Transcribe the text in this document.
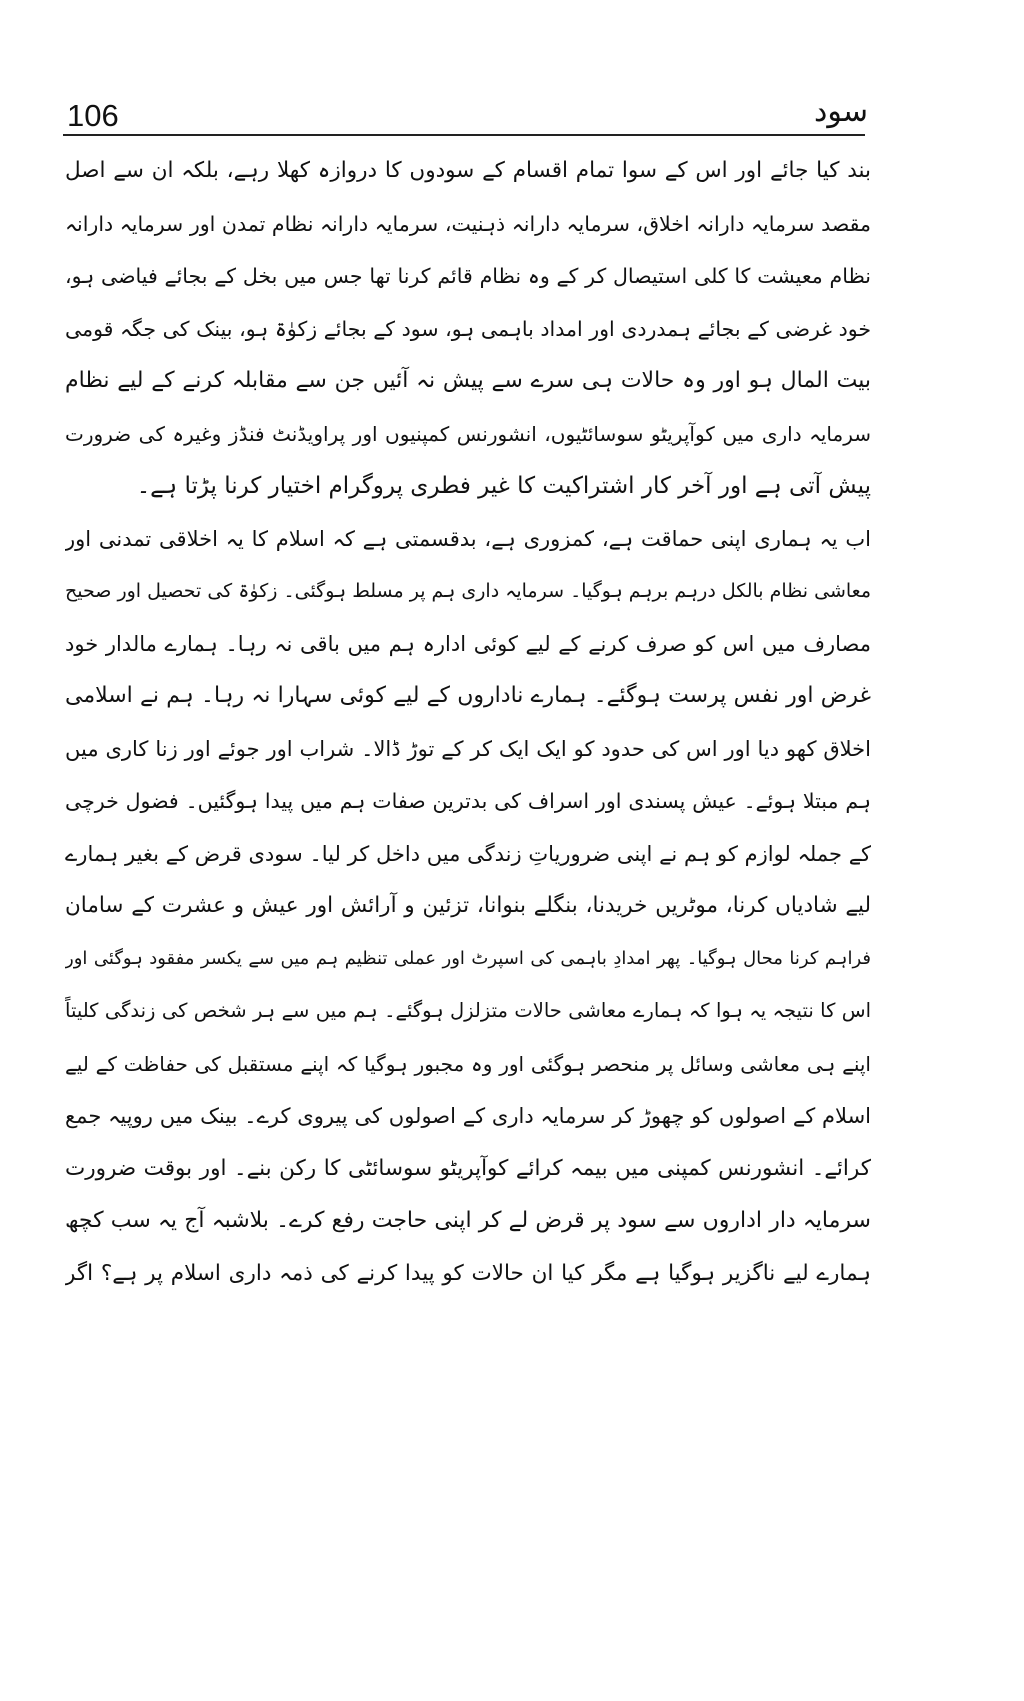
106	سود
بند کیا جائے اور اس کے سوا تمام اقسام کے سودوں کا دروازہ کھلا رہے، بلکہ ان سے اصل
مقصد سرمایہ دارانہ اخلاق، سرمایہ دارانہ ذہنیت، سرمایہ دارانہ نظام تمدن اور سرمایہ دارانہ
نظام معیشت کا کلی استیصال کر کے وہ نظام قائم کرنا تھا جس میں بخل کے بجائے فیاضی ہو،
خود غرضی کے بجائے ہمدردی اور امداد باہمی ہو، سود کے بجائے زکوٰۃ ہو، بینک کی جگہ قومی
بیت المال ہو اور وہ حالات ہی سرے سے پیش نہ آئیں جن سے مقابلہ کرنے کے لیے نظام
سرمایہ داری میں کوآپریٹو سوسائٹیوں، انشورنس کمپنیوں اور پراویڈنٹ فنڈز وغیرہ کی ضرورت
پیش آتی ہے اور آخر کار اشتراکیت کا غیر فطری پروگرام اختیار کرنا پڑتا ہے۔
اب یہ ہماری اپنی حماقت ہے، کمزوری ہے، بدقسمتی ہے کہ اسلام کا یہ اخلاقی تمدنی اور
معاشی نظام بالکل درہم برہم ہوگیا۔ سرمایہ داری ہم پر مسلط ہوگئی۔ زکوٰۃ کی تحصیل اور صحیح
مصارف میں اس کو صرف کرنے کے لیے کوئی ادارہ ہم میں باقی نہ رہا۔ ہمارے مالدار خود
غرض اور نفس پرست ہوگئے۔ ہمارے ناداروں کے لیے کوئی سہارا نہ رہا۔ ہم نے اسلامی
اخلاق کھو دیا اور اس کی حدود کو ایک ایک کر کے توڑ ڈالا۔ شراب اور جوئے اور زنا کاری میں
ہم مبتلا ہوئے۔ عیش پسندی اور اسراف کی بدترین صفات ہم میں پیدا ہوگئیں۔ فضول خرچی
کے جملہ لوازم کو ہم نے اپنی ضروریاتِ زندگی میں داخل کر لیا۔ سودی قرض کے بغیر ہمارے
لیے شادیاں کرنا، موٹریں خریدنا، بنگلے بنوانا، تزئین و آرائش اور عیش و عشرت کے سامان
فراہم کرنا محال ہوگیا۔ پھر امدادِ باہمی کی اسپرٹ اور عملی تنظیم ہم میں سے یکسر مفقود ہوگئی اور
اس کا نتیجہ یہ ہوا کہ ہمارے معاشی حالات متزلزل ہوگئے۔ ہم میں سے ہر شخص کی زندگی کلیتاً
اپنے ہی معاشی وسائل پر منحصر ہوگئی اور وہ مجبور ہوگیا کہ اپنے مستقبل کی حفاظت کے لیے
اسلام کے اصولوں کو چھوڑ کر سرمایہ داری کے اصولوں کی پیروی کرے۔ بینک میں روپیہ جمع
کرائے۔ انشورنس کمپنی میں بیمہ کرائے کوآپریٹو سوسائٹی کا رکن بنے۔ اور بوقت ضرورت
سرمایہ دار اداروں سے سود پر قرض لے کر اپنی حاجت رفع کرے۔ بلاشبہ آج یہ سب کچھ
ہمارے لیے ناگزیر ہوگیا ہے مگر کیا ان حالات کو پیدا کرنے کی ذمہ داری اسلام پر ہے؟ اگر
